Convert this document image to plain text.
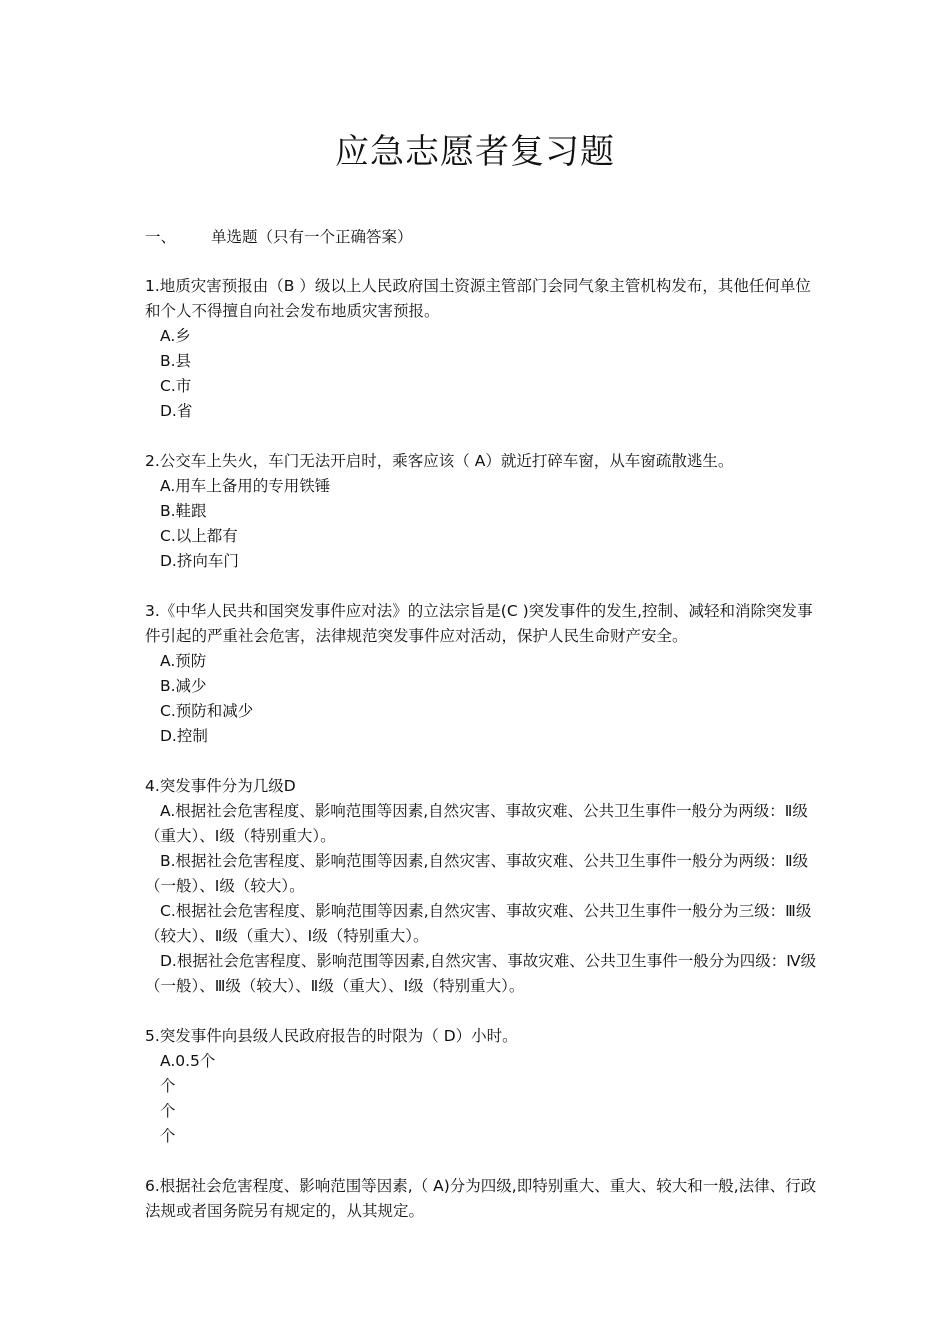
应急志愿者复习题
一、 单选题（只有一个正确答案）

1.地质灾害预报由（B ）级以上人民政府国土资源主管部门会同气象主管机构发布，其他任何单位和个人不得擅自向社会发布地质灾害预报。

A.乡

B.县

C.市

D.省

2.公交车上失火，车门无法开启时，乘客应该（ A）就近打碎车窗，从车窗疏散逃生。

A.用车上备用的专用铁锤

B.鞋跟

C.以上都有

D.挤向车门

3.《中华人民共和国突发事件应对法》的立法宗旨是(C )突发事件的发生,控制、减轻和消除突发事件引起的严重社会危害，法律规范突发事件应对活动，保护人民生命财产安全。

A.预防

B.减少

C.预防和减少

D.控制

4.突发事件分为几级D

A.根据社会危害程度、影响范围等因素,自然灾害、事故灾难、公共卫生事件一般分为两级：Ⅱ级（重大）、Ⅰ级（特别重大）。

B.根据社会危害程度、影响范围等因素,自然灾害、事故灾难、公共卫生事件一般分为两级：Ⅱ级（一般）、Ⅰ级（较大）。

C.根据社会危害程度、影响范围等因素,自然灾害、事故灾难、公共卫生事件一般分为三级：Ⅲ级（较大）、Ⅱ级（重大）、Ⅰ级（特别重大）。

D.根据社会危害程度、影响范围等因素,自然灾害、事故灾难、公共卫生事件一般分为四级：Ⅳ级（一般）、Ⅲ级（较大）、Ⅱ级（重大）、Ⅰ级（特别重大）。

5.突发事件向县级人民政府报告的时限为（ D）小时。

A.0.5个

个

个

个

6.根据社会危害程度、影响范围等因素,（ A)分为四级,即特别重大、重大、较大和一般,法律、行政法规或者国务院另有规定的，从其规定。
